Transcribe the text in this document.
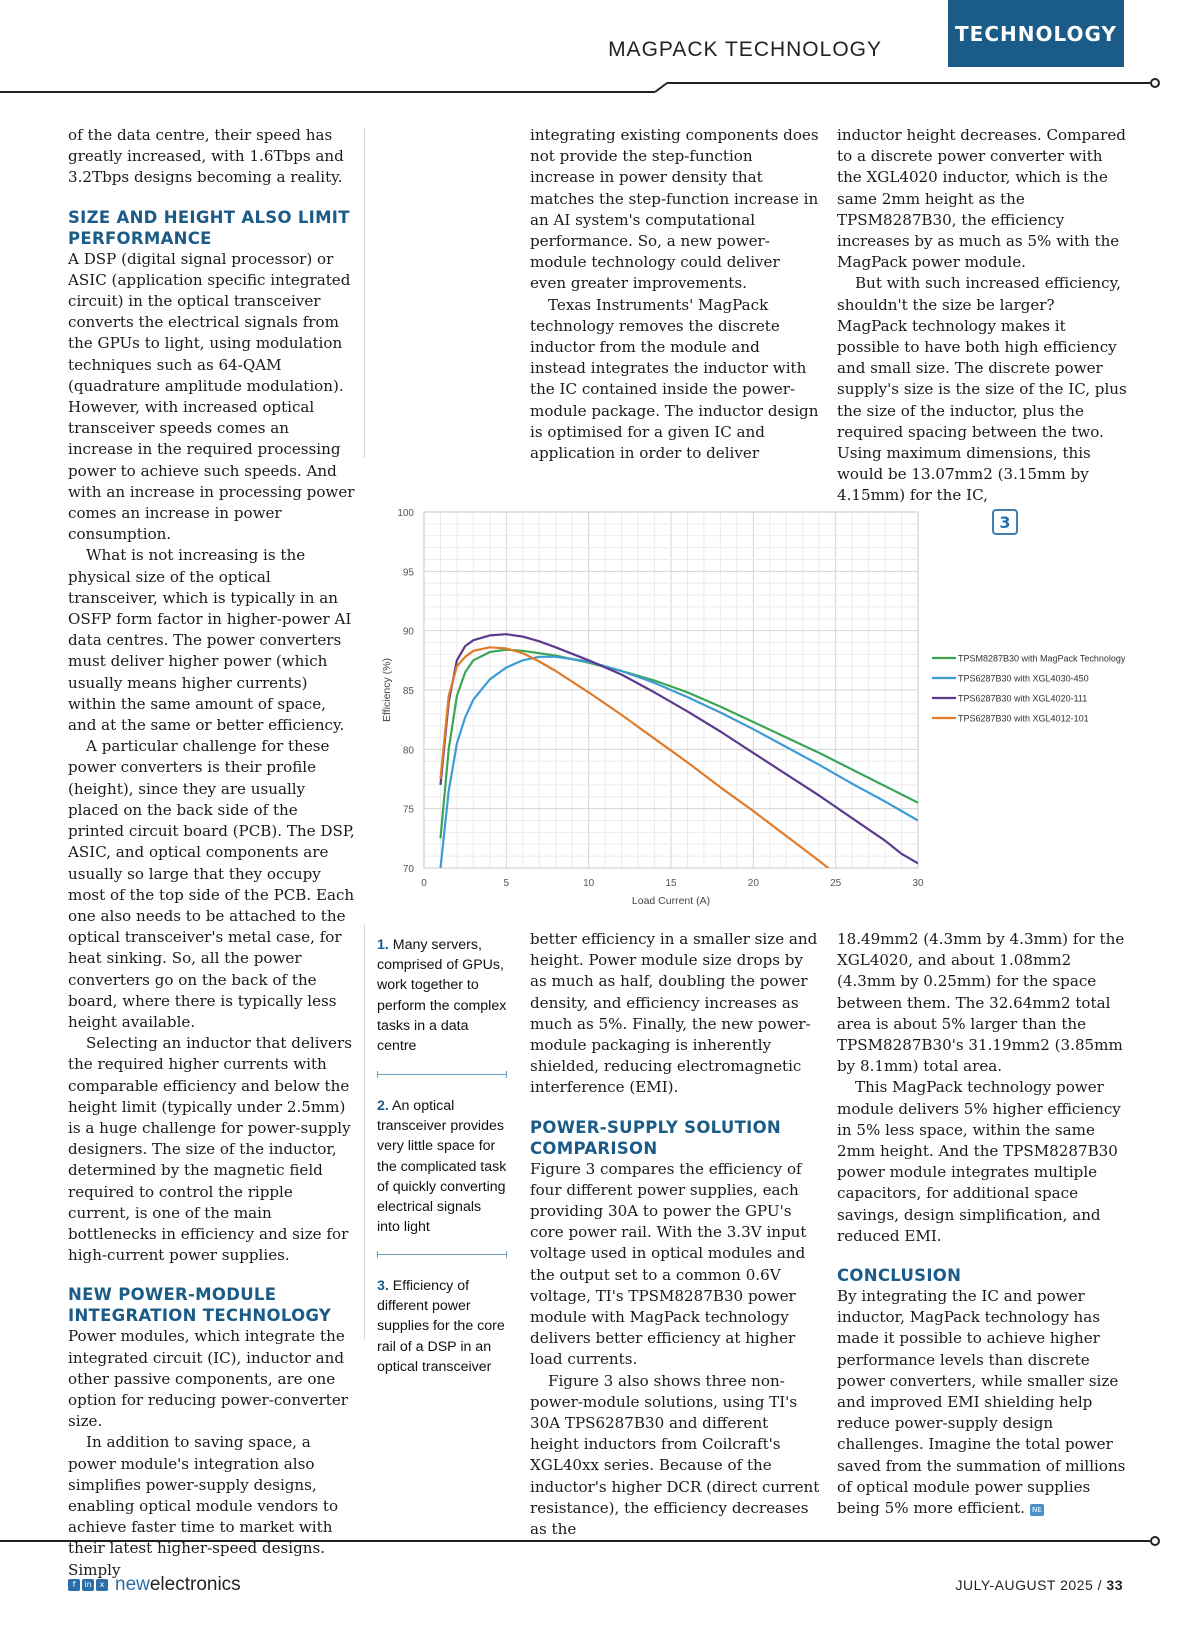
MAGPACK TECHNOLOGY
TECHNOLOGY

of the data centre, their speed has greatly increased, with 1.6Tbps and 3.2Tbps designs becoming a reality.

SIZE AND HEIGHT ALSO LIMIT PERFORMANCE

A DSP (digital signal processor) or ASIC (application specific integrated circuit) in the optical transceiver converts the electrical signals from the GPUs to light, using modulation techniques such as 64-QAM (quadrature amplitude modulation). However, with increased optical transceiver speeds comes an increase in the required processing power to achieve such speeds. And with an increase in processing power comes an increase in power consumption.

What is not increasing is the physical size of the optical transceiver, which is typically in an OSFP form factor in higher-power AI data centres. The power converters must deliver higher power (which usually means higher currents) within the same amount of space, and at the same or better efficiency.

A particular challenge for these power converters is their profile (height), since they are usually placed on the back side of the printed circuit board (PCB). The DSP, ASIC, and optical components are usually so large that they occupy most of the top side of the PCB. Each one also needs to be attached to the optical transceiver's metal case, for heat sinking. So, all the power converters go on the back of the board, where there is typically less height available.

Selecting an inductor that delivers the required higher currents with comparable efficiency and below the height limit (typically under 2.5mm) is a huge challenge for power-supply designers. The size of the inductor, determined by the magnetic field required to control the ripple current, is one of the main bottlenecks in efficiency and size for high-current power supplies.

NEW POWER-MODULE INTEGRATION TECHNOLOGY

Power modules, which integrate the integrated circuit (IC), inductor and other passive components, are one option for reducing power-converter size.

In addition to saving space, a power module's integration also simplifies power-supply designs, enabling optical module vendors to achieve faster time to market with their latest higher-speed designs. Simply

integrating existing components does not provide the step-function increase in power density that matches the step-function increase in an AI system's computational performance. So, a new power-module technology could deliver even greater improvements.

Texas Instruments' MagPack technology removes the discrete inductor from the module and instead integrates the inductor with the IC contained inside the power-module package. The inductor design is optimised for a given IC and application in order to deliver

inductor height decreases. Compared to a discrete power converter with the XGL4020 inductor, which is the same 2mm height as the TPSM8287B30, the efficiency increases by as much as 5% with the MagPack power module.

But with such increased efficiency, shouldn't the size be larger? MagPack technology makes it possible to have both high efficiency and small size. The discrete power supply's size is the size of the IC, plus the size of the inductor, plus the required spacing between the two. Using maximum dimensions, this would be 13.07mm2 (3.15mm by 4.15mm) for the IC,

3
70
75
80
85
90
95
100
0	5	10	15	20	25	30
Load Current (A)
Efficiency (%)	TPSM8287B30 with MagPack Technology
TPS6287B30 with XGL4030-450
TPS6287B30 with XGL4020-111
TPS6287B30 with XGL4012-101
1. Many servers, comprised of GPUs, work together to perform the complex tasks in a data centre
2. An optical transceiver provides very little space for the complicated task of quickly converting electrical signals into light
3. Efficiency of different power supplies for the core rail of a DSP in an optical transceiver

better efficiency in a smaller size and height. Power module size drops by as much as half, doubling the power density, and efficiency increases as much as 5%. Finally, the new power-module packaging is inherently shielded, reducing electromagnetic interference (EMI).

POWER-SUPPLY SOLUTION COMPARISON

Figure 3 compares the efficiency of four different power supplies, each providing 30A to power the GPU's core power rail. With the 3.3V input voltage used in optical modules and the output set to a common 0.6V voltage, TI's TPSM8287B30 power module with MagPack technology delivers better efficiency at higher load currents.

Figure 3 also shows three non-power-module solutions, using TI's 30A TPS6287B30 and different height inductors from Coilcraft's XGL40xx series. Because of the inductor's higher DCR (direct current resistance), the efficiency decreases as the

18.49mm2 (4.3mm by 4.3mm) for the XGL4020, and about 1.08mm2 (4.3mm by 0.25mm) for the space between them. The 32.64mm2 total area is about 5% larger than the TPSM8287B30's 31.19mm2 (3.85mm by 8.1mm) total area.

This MagPack technology power module delivers 5% higher efficiency in 5% less space, within the same 2mm height. And the TPSM8287B30 power module integrates multiple capacitors, for additional space savings, design simplification, and reduced EMI.

CONCLUSION

By integrating the IC and power inductor, MagPack technology has made it possible to achieve higher performance levels than discrete power converters, while smaller size and improved EMI shielding help reduce power-supply design challenges. Imagine the total power saved from the summation of millions of optical module power supplies being 5% more efficient. NE

f	in x new electronics	JULY-AUGUST 2025 / 33
